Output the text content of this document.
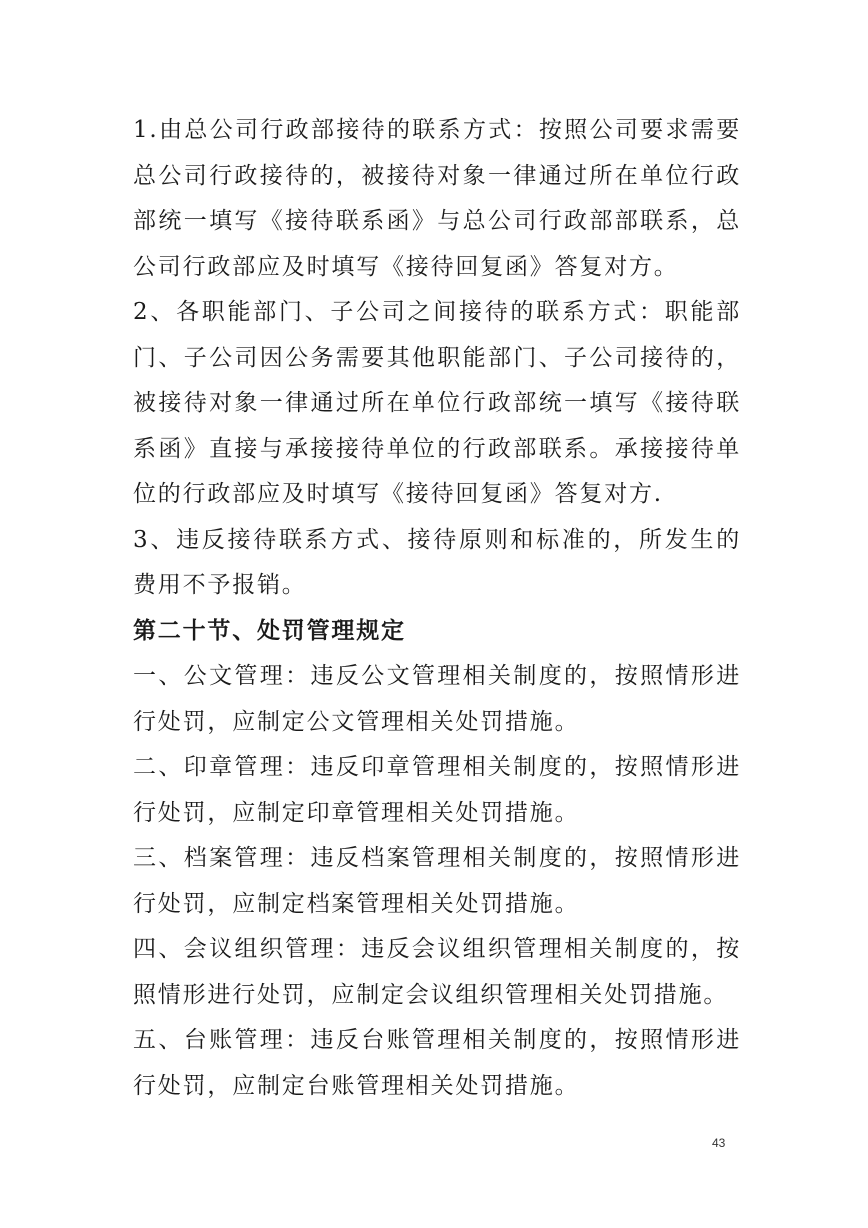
1.由总公司行政部接待的联系方式：按照公司要求需要总公司行政接待的，被接待对象一律通过所在单位行政部统一填写《接待联系函》与总公司行政部部联系，总公司行政部应及时填写《接待回复函》答复对方。

2、各职能部门、子公司之间接待的联系方式：职能部门、子公司因公务需要其他职能部门、子公司接待的，被接待对象一律通过所在单位行政部统一填写《接待联系函》直接与承接接待单位的行政部联系。承接接待单位的行政部应及时填写《接待回复函》答复对方.

3、违反接待联系方式、接待原则和标准的，所发生的费用不予报销。

第二十节、处罚管理规定

一、公文管理：违反公文管理相关制度的，按照情形进行处罚，应制定公文管理相关处罚措施。

二、印章管理：违反印章管理相关制度的，按照情形进行处罚，应制定印章管理相关处罚措施。

三、档案管理：违反档案管理相关制度的，按照情形进行处罚，应制定档案管理相关处罚措施。

四、会议组织管理：违反会议组织管理相关制度的，按照情形进行处罚，应制定会议组织管理相关处罚措施。

五、台账管理：违反台账管理相关制度的，按照情形进行处罚，应制定台账管理相关处罚措施。

43
